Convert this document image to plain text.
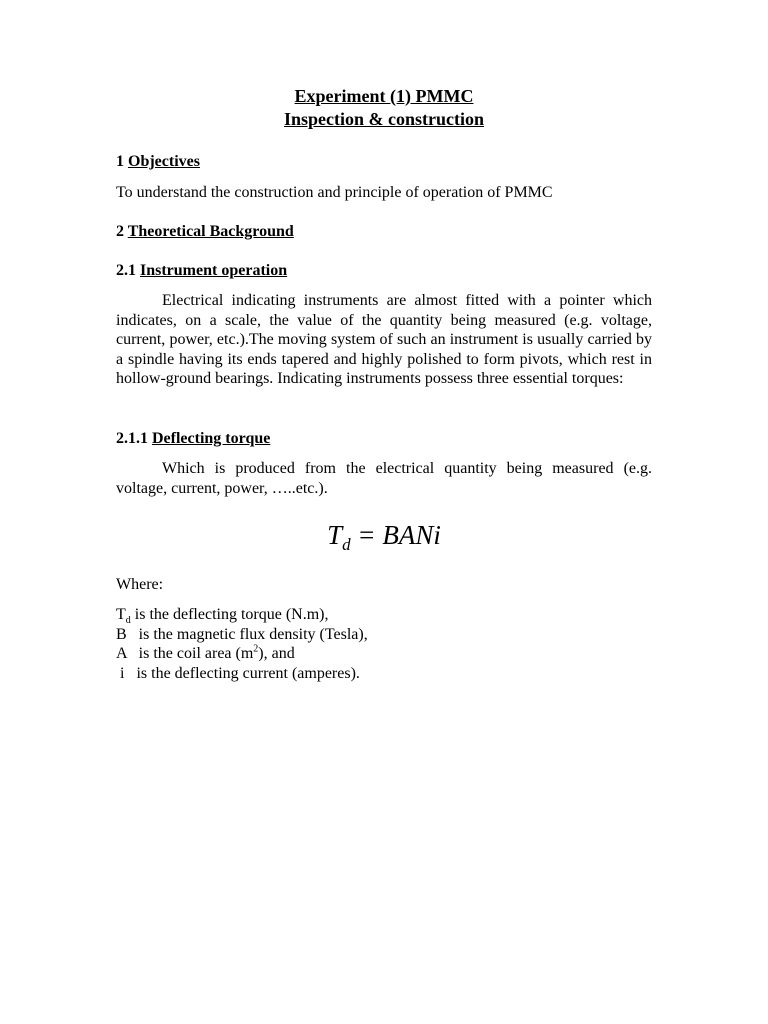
Experiment (1) PMMC
Inspection & construction
1 Objectives
To understand the construction and principle of operation of PMMC
2 Theoretical Background
2.1 Instrument operation
Electrical indicating instruments are almost fitted with a pointer which indicates, on a scale, the value of the quantity being measured (e.g. voltage, current, power, etc.).The moving system of such an instrument is usually carried by a spindle having its ends tapered and highly polished to form pivots, which rest in hollow-ground bearings. Indicating instruments possess three essential torques:
2.1.1 Deflecting torque
Which is produced from the electrical quantity being measured (e.g. voltage, current, power, …..etc.).
$T_d$ = BANi
Where:
$T_d$ is the deflecting torque (N.m),
B   is the magnetic flux density (Tesla),
A   is the coil area $(m^2)$, and
i   is the deflecting current (amperes).
